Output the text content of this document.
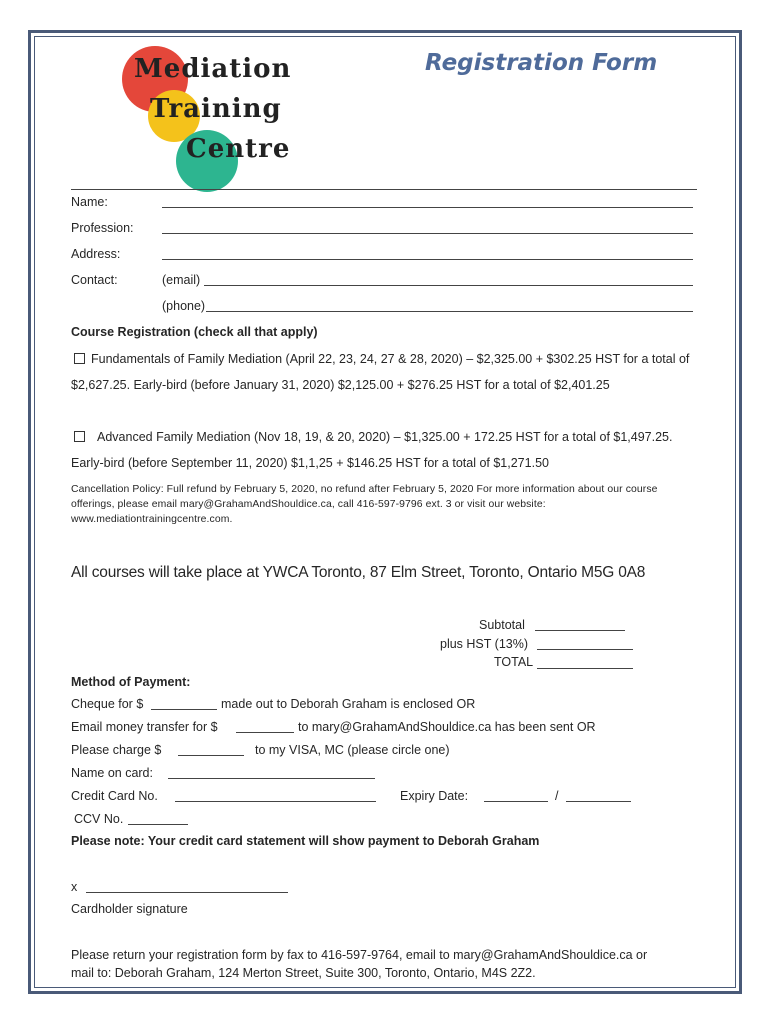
Mediation
Training
Centre
Registration Form
Name:
Profession:
Address:
Contact:	(email)
(phone)
Course Registration (check all that apply)
Fundamentals of Family Mediation (April 22, 23, 24, 27 & 28, 2020) – $2,325.00 + $302.25 HST for a total of
$2,627.25. Early-bird (before January 31, 2020) $2,125.00 + $276.25 HST for a total of $2,401.25
Advanced Family Mediation (Nov 18, 19, & 20, 2020) – $1,325.00 + 172.25 HST for a total of $1,497.25.
Early-bird (before September 11, 2020) $1,1,25 + $146.25 HST for a total of $1,271.50
Cancellation Policy: Full refund by February 5, 2020, no refund after February 5, 2020 For more information about our course
offerings, please email mary@GrahamAndShouldice.ca, call 416-597-9796 ext. 3 or visit our website:
www.mediationtrainingcentre.com.
All courses will take place at YWCA Toronto, 87 Elm Street, Toronto, Ontario M5G 0A8
Subtotal
plus HST (13%)
TOTAL
Method of Payment:
Cheque for $	made out to Deborah Graham is enclosed OR
Email money transfer for $	to mary@GrahamAndShouldice.ca has been sent OR
Please charge $	to my VISA, MC (please circle one)
Name on card:
Credit Card No.	Expiry Date:	/
CCV No.
Please note: Your credit card statement will show payment to Deborah Graham
x
Cardholder signature
Please return your registration form by fax to 416-597-9764, email to mary@GrahamAndShouldice.ca or
mail to: Deborah Graham, 124 Merton Street, Suite 300, Toronto, Ontario, M4S 2Z2.
